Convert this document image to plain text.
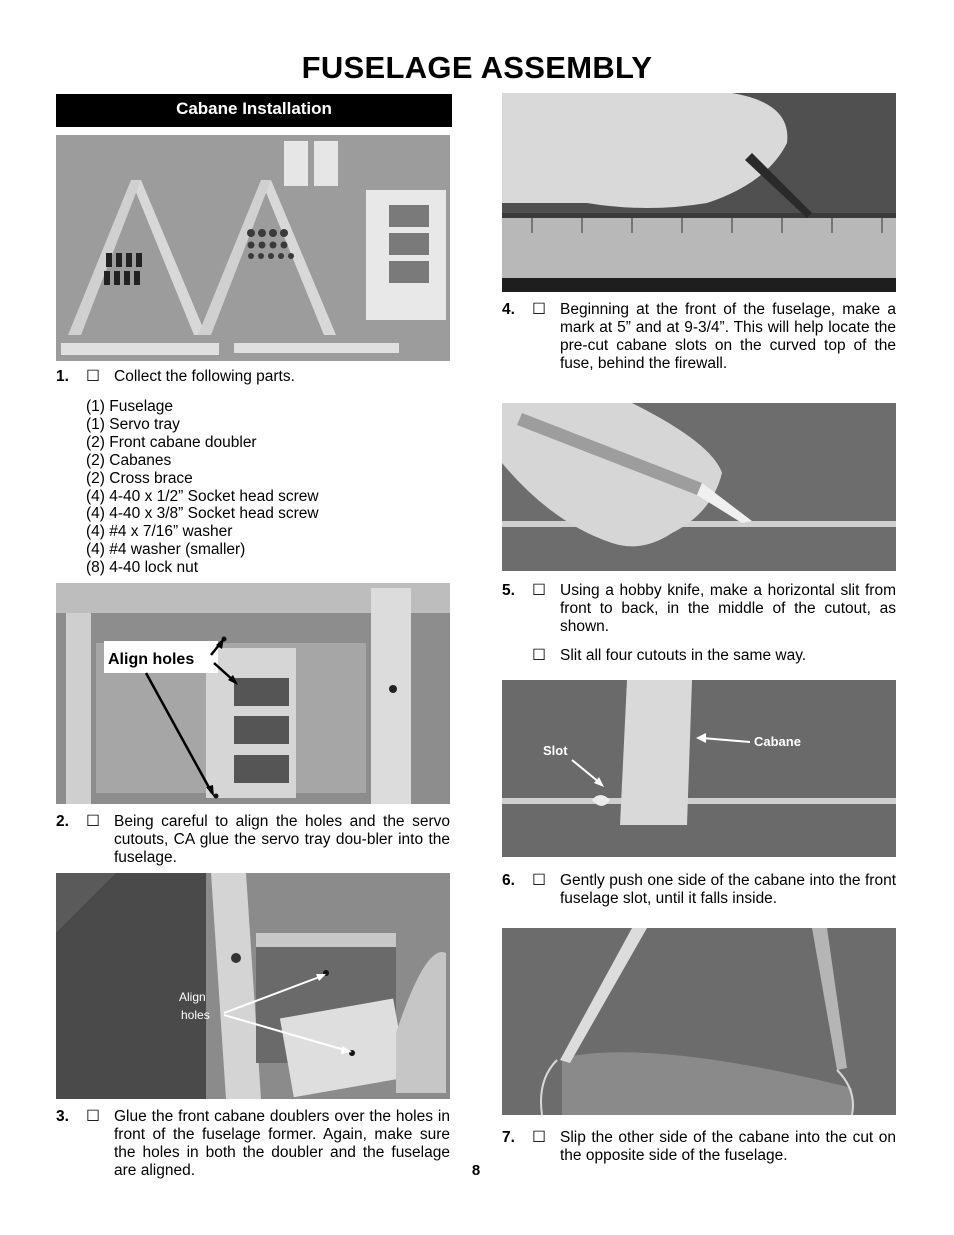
FUSELAGE ASSEMBLY
Cabane Installation
1. ☐ Collect the following parts.
(1) Fuselage
(1) Servo tray
(2) Front cabane doubler
(2) Cabanes
(2) Cross brace
(4) 4-40 x 1/2” Socket head screw
(4) 4-40 x 3/8” Socket head screw
(4) #4 x 7/16” washer
(4) #4 washer (smaller)
(8) 4-40 lock nut
Align holes
2. ☐ Being careful to align the holes and the servo cutouts, CA glue the servo tray dou-bler into the fuselage.
Align
holes
3. ☐ Glue the front cabane doublers over the holes in front of the fuselage former. Again, make sure the holes in both the doubler and the fuselage are aligned.
4. ☐ Beginning at the front of the fuselage, make a mark at 5” and at 9-3/4”. This will help locate the pre-cut cabane slots on the curved top of the fuse, behind the firewall.
5. ☐ Using a hobby knife, make a horizontal slit from front to back, in the middle of the cutout, as shown.
☐ Slit all four cutouts in the same way.
Slot
Cabane
6. ☐ Gently push one side of the cabane into the front fuselage slot, until it falls inside.
7. ☐ Slip the other side of the cabane into the cut on the opposite side of the fuselage.
8
